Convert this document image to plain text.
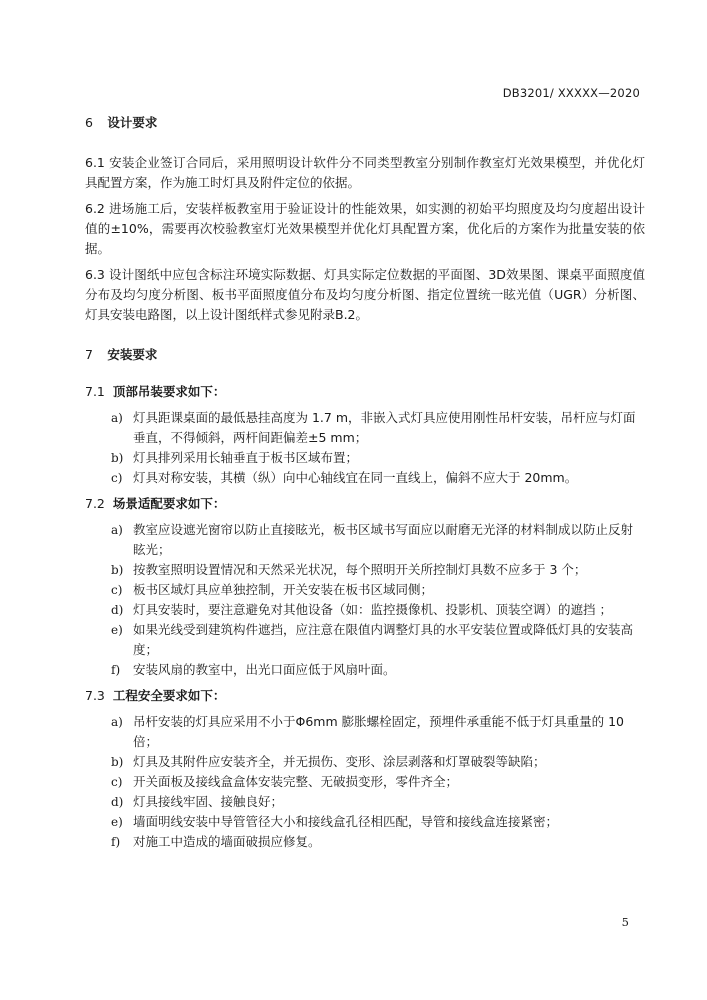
DB3201/ XXXXX—2020
6 设计要求

6.1 安装企业签订合同后，采用照明设计软件分不同类型教室分别制作教室灯光效果模型，并优化灯具配置方案，作为施工时灯具及附件定位的依据。

6.2 进场施工后，安装样板教室用于验证设计的性能效果，如实测的初始平均照度及均匀度超出设计值的±10%，需要再次校验教室灯光效果模型并优化灯具配置方案，优化后的方案作为批量安装的依据。

6.3 设计图纸中应包含标注环境实际数据、灯具实际定位数据的平面图、3D效果图、课桌平面照度值分布及均匀度分析图、板书平面照度值分布及均匀度分析图、指定位置统一眩光值（UGR）分析图、灯具安装电路图，以上设计图纸样式参见附录B.2。

7 安装要求
7.1 顶部吊装要求如下：
a) 灯具距课桌面的最低悬挂高度为 1.7 m，非嵌入式灯具应使用刚性吊杆安装，吊杆应与灯面垂直，不得倾斜，两杆间距偏差±5 mm；
b) 灯具排列采用长轴垂直于板书区域布置；
c) 灯具对称安装，其横（纵）向中心轴线宜在同一直线上，偏斜不应大于 20mm。
7.2 场景适配要求如下：
a) 教室应设遮光窗帘以防止直接眩光，板书区域书写面应以耐磨无光泽的材料制成以防止反射眩光；
b) 按教室照明设置情况和天然采光状况，每个照明开关所控制灯具数不应多于 3 个；
c) 板书区域灯具应单独控制，开关安装在板书区域同侧；
d) 灯具安装时，要注意避免对其他设备（如：监控摄像机、投影机、顶装空调）的遮挡 ；
e) 如果光线受到建筑构件遮挡，应注意在限值内调整灯具的水平安装位置或降低灯具的安装高度；
f) 安装风扇的教室中，出光口面应低于风扇叶面。
7.3 工程安全要求如下：
a) 吊杆安装的灯具应采用不小于Φ6mm 膨胀螺栓固定，预埋件承重能不低于灯具重量的 10 倍；
b) 灯具及其附件应安装齐全，并无损伤、变形、涂层剥落和灯罩破裂等缺陷；
c) 开关面板及接线盒盒体安装完整、无破损变形，零件齐全；
d) 灯具接线牢固、接触良好；
e) 墙面明线安装中导管管径大小和接线盒孔径相匹配，导管和接线盒连接紧密；
f) 对施工中造成的墙面破损应修复。
5
